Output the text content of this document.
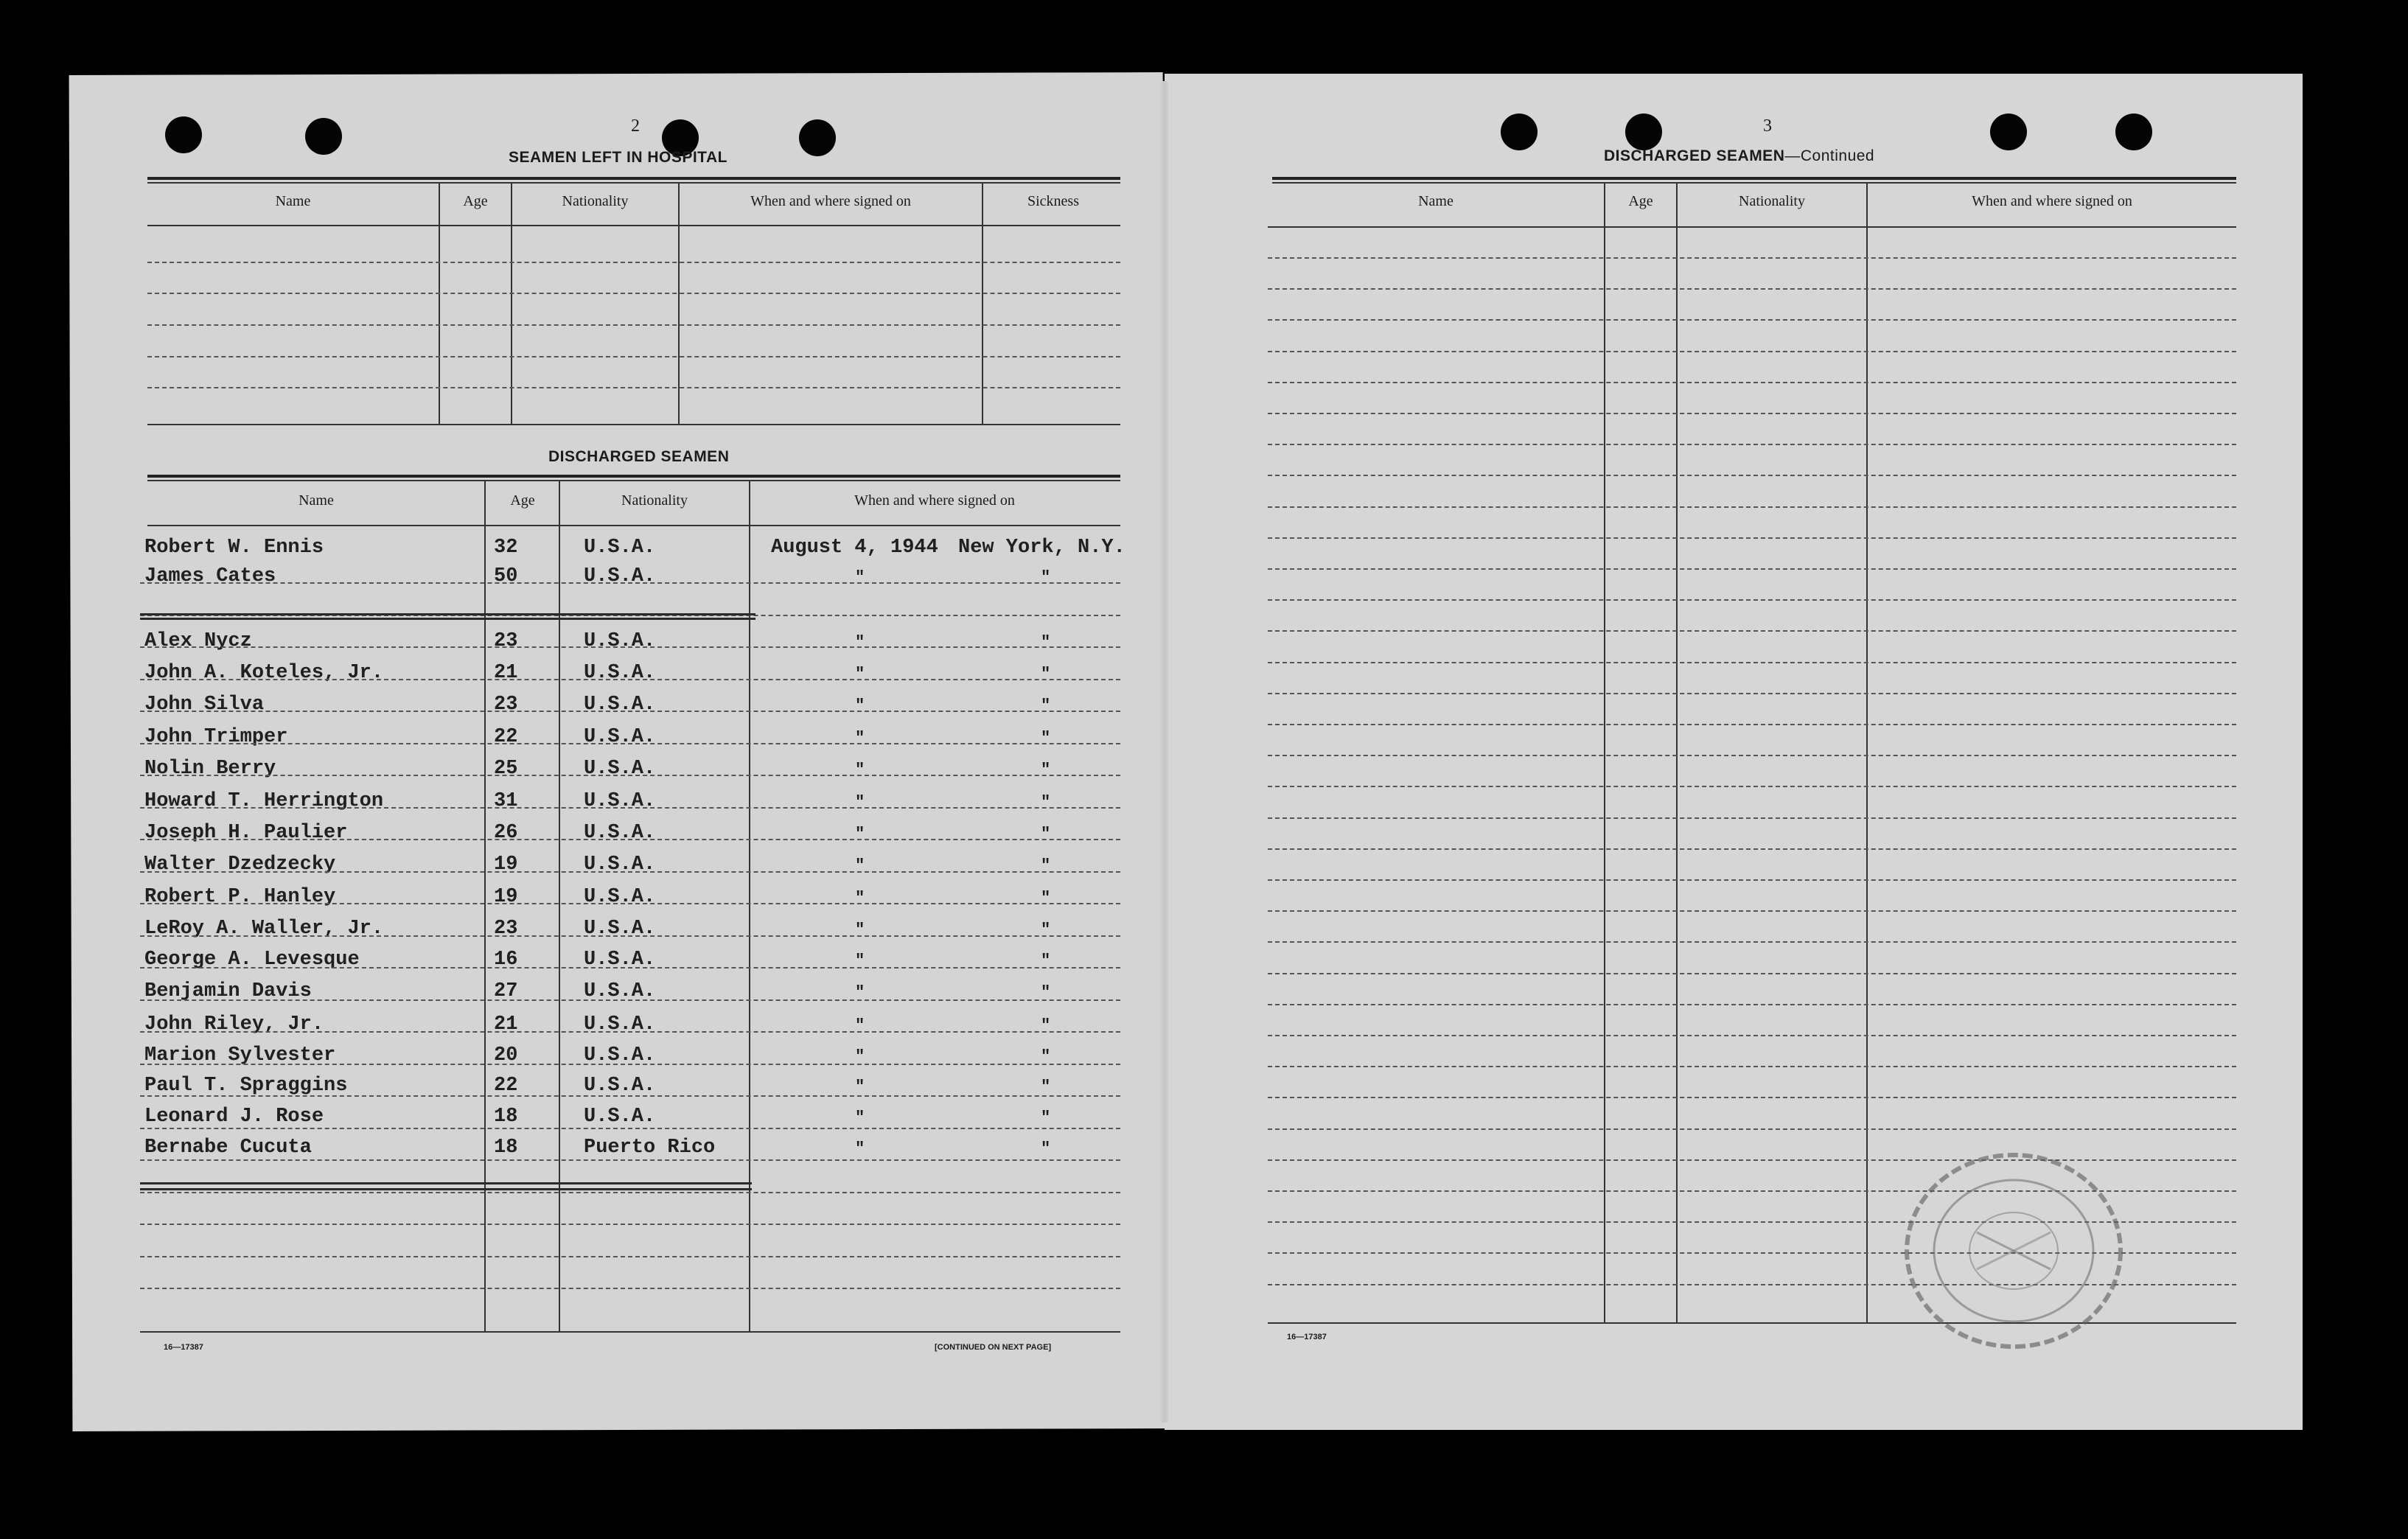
2
SEAMEN LEFT IN HOSPITAL
Name	Age	Nationality	When and where signed on	Sickness
DISCHARGED SEAMEN
Name	Age	Nationality	When and where signed on
Robert W. Ennis	32	U.S.A.	August 4, 1944 New York, N.Y.
James Cates	50	U.S.A.	"	"
Alex Nycz	23	U.S.A.	"	"
John A. Koteles, Jr.	21	U.S.A.	"	"
John Silva	23	U.S.A.	"	"
John Trimper	22	U.S.A.	"	"
Nolin Berry	25	U.S.A.	"	"
Howard T. Herrington	31	U.S.A.	"	"
Joseph H. Paulier	26	U.S.A.	"	"
Walter Dzedzecky	19	U.S.A.	"	"
Robert P. Hanley	19	U.S.A.	"	"
LeRoy A. Waller, Jr.	23	U.S.A.	"	"
George A. Levesque	16	U.S.A.	"	"
Benjamin Davis	27	U.S.A.	"	"
John Riley, Jr.	21	U.S.A.	"	"
Marion Sylvester	20	U.S.A.	"	"
Paul T. Spraggins	22	U.S.A.	"	"
Leonard J. Rose	18	U.S.A.	"	"
Bernabe Cucuta	18	Puerto Rico	"	"
16—17387	[CONTINUED ON NEXT PAGE]
3
DISCHARGED SEAMEN—Continued
Name	Age	Nationality	When and where signed on
16—17387
